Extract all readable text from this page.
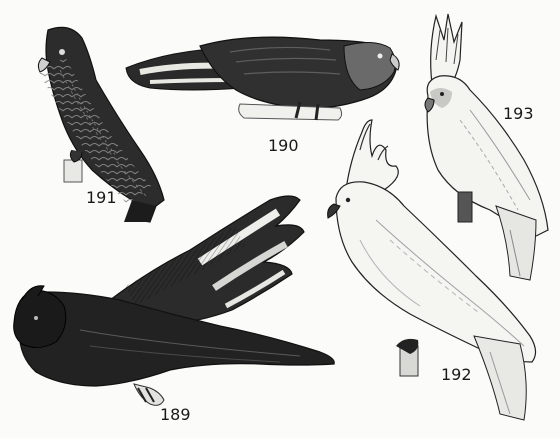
191
190
193
192
189
